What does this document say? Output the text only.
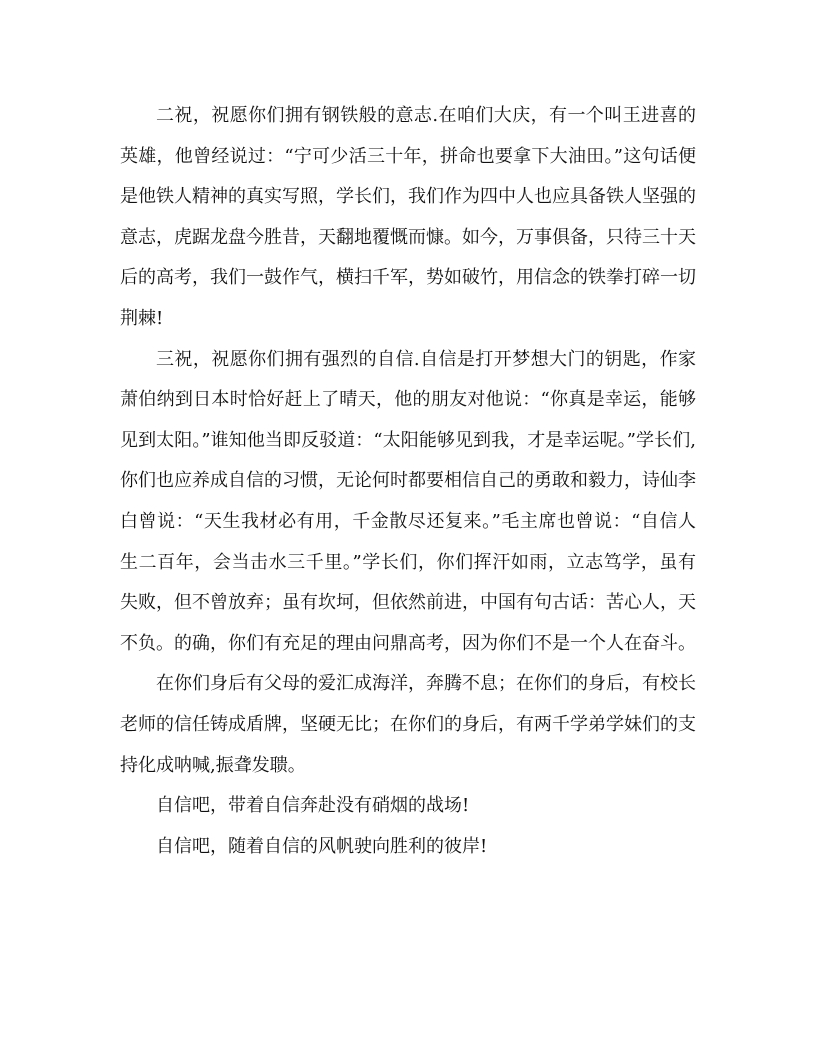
二祝，祝愿你们拥有钢铁般的意志.在咱们大庆，有一个叫王进喜的英雄，他曾经说过：“宁可少活三十年，拼命也要拿下大油田。”这句话便是他铁人精神的真实写照，学长们，我们作为四中人也应具备铁人坚强的意志，虎踞龙盘今胜昔，天翻地覆慨而慷。如今，万事俱备，只待三十天后的高考，我们一鼓作气，横扫千军，势如破竹，用信念的铁拳打碎一切荆棘!

三祝，祝愿你们拥有强烈的自信.自信是打开梦想大门的钥匙，作家萧伯纳到日本时恰好赶上了晴天，他的朋友对他说：“你真是幸运，能够见到太阳。”谁知他当即反驳道：“太阳能够见到我，才是幸运呢。”学长们,你们也应养成自信的习惯，无论何时都要相信自己的勇敢和毅力，诗仙李白曾说：“天生我材必有用，千金散尽还复来。”毛主席也曾说：“自信人生二百年，会当击水三千里。”学长们，你们挥汗如雨，立志笃学，虽有失败，但不曾放弃；虽有坎坷，但依然前进，中国有句古话：苦心人，天不负。的确，你们有充足的理由问鼎高考，因为你们不是一个人在奋斗。

在你们身后有父母的爱汇成海洋，奔腾不息；在你们的身后，有校长老师的信任铸成盾牌，坚硬无比；在你们的身后，有两千学弟学妹们的支持化成呐喊,振聋发聩。

自信吧，带着自信奔赴没有硝烟的战场!

自信吧，随着自信的风帆驶向胜利的彼岸!
